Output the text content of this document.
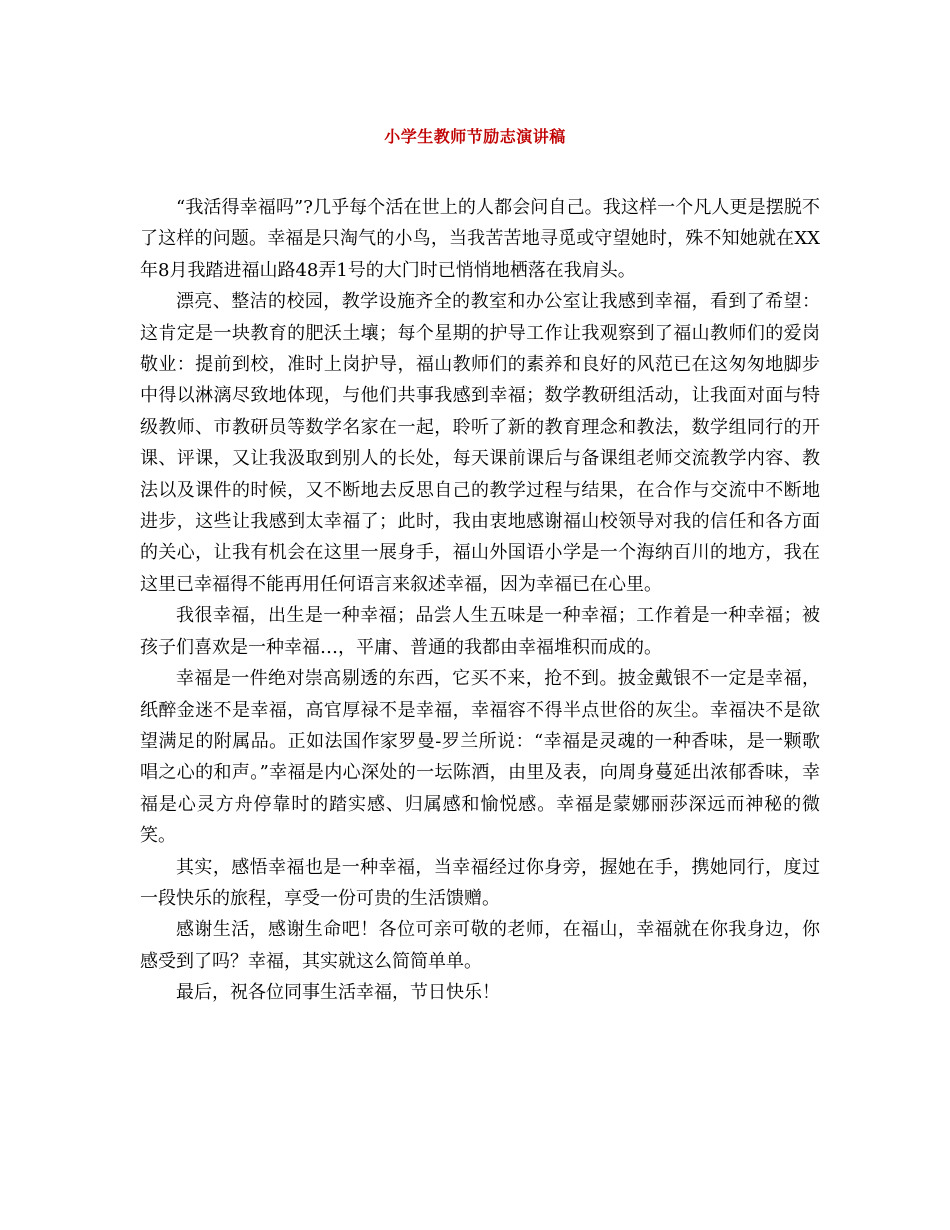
小学生教师节励志演讲稿

“我活得幸福吗”?几乎每个活在世上的人都会问自己。我这样一个凡人更是摆脱不了这样的问题。幸福是只淘气的小鸟，当我苦苦地寻觅或守望她时，殊不知她就在XX年8月我踏进福山路48弄1号的大门时已悄悄地栖落在我肩头。

漂亮、整洁的校园，教学设施齐全的教室和办公室让我感到幸福，看到了希望：这肯定是一块教育的肥沃土壤；每个星期的护导工作让我观察到了福山教师们的爱岗敬业：提前到校，准时上岗护导，福山教师们的素养和良好的风范已在这匆匆地脚步中得以淋漓尽致地体现，与他们共事我感到幸福；数学教研组活动，让我面对面与特级教师、市教研员等数学名家在一起，聆听了新的教育理念和教法，数学组同行的开课、评课，又让我汲取到别人的长处，每天课前课后与备课组老师交流教学内容、教法以及课件的时候，又不断地去反思自己的教学过程与结果，在合作与交流中不断地进步，这些让我感到太幸福了；此时，我由衷地感谢福山校领导对我的信任和各方面的关心，让我有机会在这里一展身手，福山外国语小学是一个海纳百川的地方，我在这里已幸福得不能再用任何语言来叙述幸福，因为幸福已在心里。

我很幸福，出生是一种幸福；品尝人生五味是一种幸福；工作着是一种幸福；被孩子们喜欢是一种幸福…，平庸、普通的我都由幸福堆积而成的。

幸福是一件绝对崇高剔透的东西，它买不来，抢不到。披金戴银不一定是幸福，纸醉金迷不是幸福，高官厚禄不是幸福，幸福容不得半点世俗的灰尘。幸福决不是欲望满足的附属品。正如法国作家罗曼-罗兰所说：“幸福是灵魂的一种香味，是一颗歌唱之心的和声。”幸福是内心深处的一坛陈酒，由里及表，向周身蔓延出浓郁香味，幸福是心灵方舟停靠时的踏实感、归属感和愉悦感。幸福是蒙娜丽莎深远而神秘的微笑。

其实，感悟幸福也是一种幸福，当幸福经过你身旁，握她在手，携她同行，度过一段快乐的旅程，享受一份可贵的生活馈赠。

感谢生活，感谢生命吧！各位可亲可敬的老师，在福山，幸福就在你我身边，你感受到了吗？幸福，其实就这么简简单单。

最后，祝各位同事生活幸福，节日快乐！
